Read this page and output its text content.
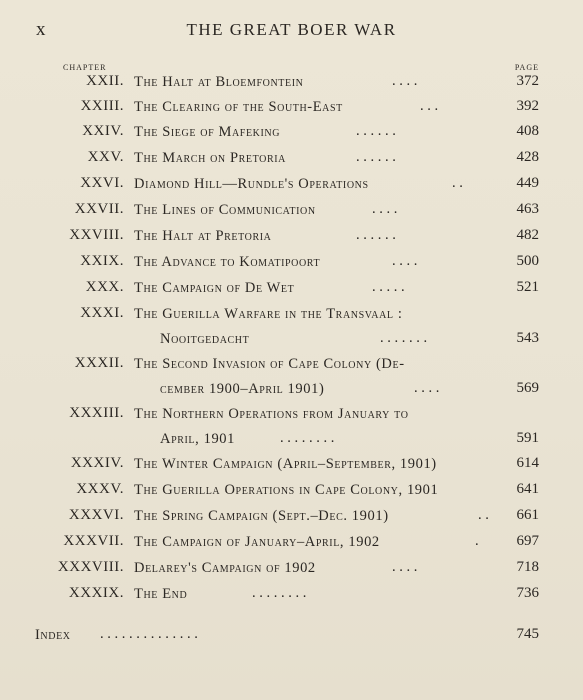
x	THE GREAT BOER WAR
CHAPTER	PAGE
XXII. The Halt at Bloemfontein	. . . .	372
XXIII. The Clearing of the South-East	. . .	392
XXIV. The Siege of Mafeking	. . . . . .	408
XXV. The March on Pretoria	. . . . . .	428
XXVI. Diamond Hill—Rundle's Operations	. .	449
XXVII. The Lines of Communication	. . . .	463
XXVIII. The Halt at Pretoria	. . . . . .	482
XXIX. The Advance to Komatipoort	. . . .	500
XXX. The Campaign of De Wet	. . . . .	521
XXXI. The Guerilla Warfare in the Transvaal :
Nooitgedacht	. . . . . . .	543
XXXII. The Second Invasion of Cape Colony (De-
cember 1900–April 1901)	. . . .	569
XXXIII. The Northern Operations from January to
April, 1901	. . . . . . . .	591
XXXIV. The Winter Campaign (April–September, 1901)	614
XXXV. The Guerilla Operations in Cape Colony, 1901	641
XXXVI. The Spring Campaign (Sept.–Dec. 1901)	. . 661
XXXVII. The Campaign of January–April, 1902	.	697
XXXVIII. Delarey's Campaign of 1902	. . . .	718
XXXIX. The End	. . . . . . . .	736
Index . . . . . . . . . . . . . .	745
